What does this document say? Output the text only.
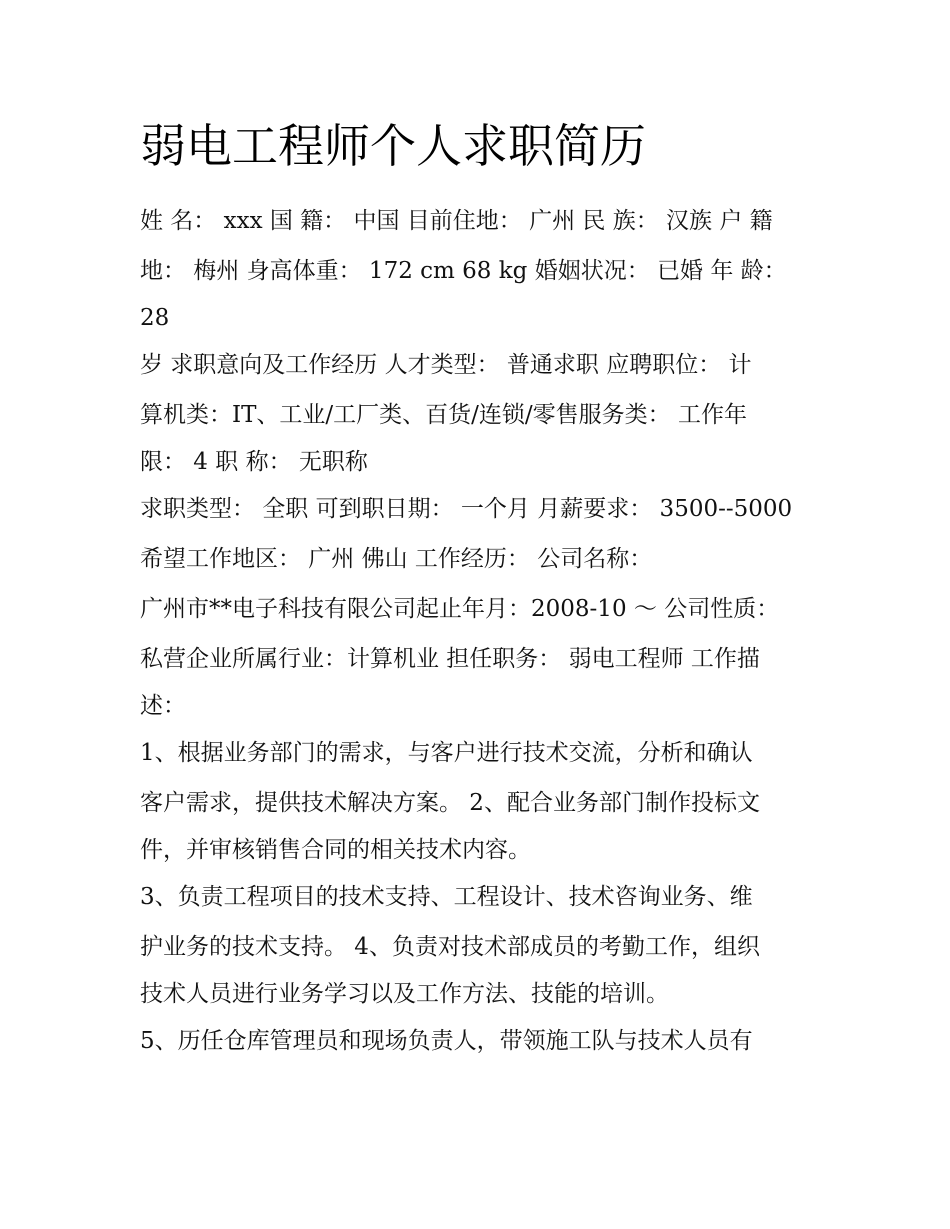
弱电工程师个人求职简历
姓 名： xxx 国 籍： 中国 目前住地： 广州 民 族： 汉族 户 籍
地： 梅州 身高体重： 172 cm 68 kg 婚姻状况： 已婚 年 龄：
28
岁 求职意向及工作经历 人才类型： 普通求职 应聘职位： 计
算机类：IT、工业/工厂类、百货/连锁/零售服务类： 工作年
限： 4 职 称： 无职称
求职类型： 全职 可到职日期： 一个月 月薪要求： 3500--5000
希望工作地区： 广州 佛山 工作经历： 公司名称：
广州市**电子科技有限公司起止年月：2008-10 ～ 公司性质：
私营企业所属行业：计算机业 担任职务： 弱电工程师 工作描
述：
1、根据业务部门的需求，与客户进行技术交流，分析和确认
客户需求，提供技术解决方案。 2、配合业务部门制作投标文
件，并审核销售合同的相关技术内容。
3、负责工程项目的技术支持、工程设计、技术咨询业务、维
护业务的技术支持。 4、负责对技术部成员的考勤工作，组织
技术人员进行业务学习以及工作方法、技能的培训。
5、历任仓库管理员和现场负责人，带领施工队与技术人员有
